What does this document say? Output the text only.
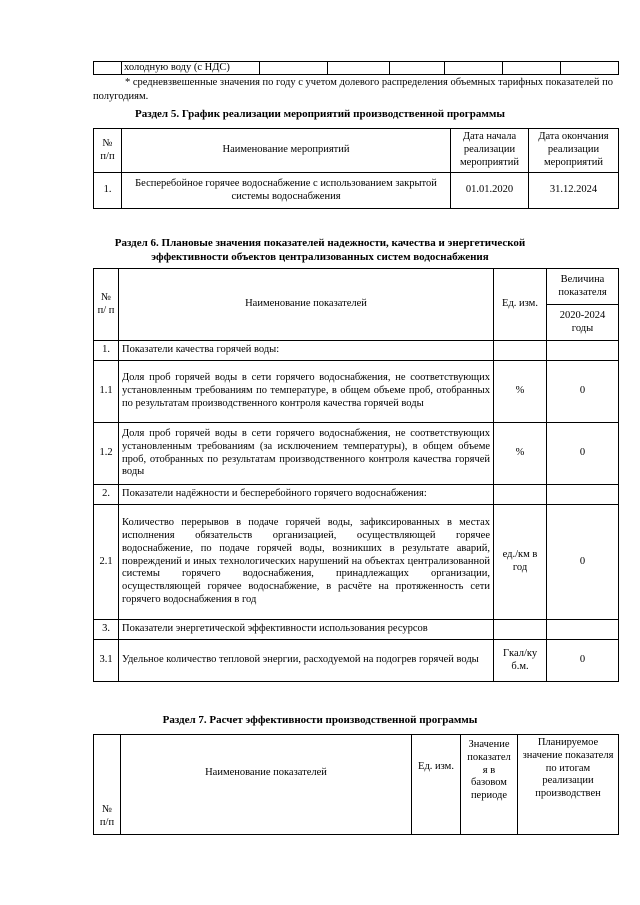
	холодную воду (с НДС)						
* средневзвешенные значения по году с учетом долевого распределения объемных тарифных показателей по полугодиям.
Раздел 5. График реализации мероприятий производственной программы
№ п/п	Наименование мероприятий	Дата начала реализации мероприятий	Дата окончания реализации мероприятий
1.	Бесперебойное горячее водоснабжение с использованием закрытой системы водоснабжения	01.01.2020	31.12.2024
Раздел 6. Плановые значения показателей надежности, качества и энергетической
эффективности объектов централизованных систем водоснабжения
№ п/ п	Наименование показателей	Ед. изм.	Величина показателя
			2020-2024 годы
1.	Показатели качества горячей воды:		
1.1	Доля проб горячей воды в сети горячего водоснабжения, не соответствующих установленным требованиям по температуре, в общем объеме проб, отобранных по результатам производственного контроля качества горячей воды	%	0
1.2	Доля проб горячей воды в сети горячего водоснабжения, не соответствующих установленным требованиям (за исключением температуры), в общем объеме проб, отобранных по результатам производственного контроля качества горячей воды	%	0
2.	Показатели надёжности и бесперебойного горячего водоснабжения:		
2.1	Количество перерывов в подаче горячей воды, зафиксированных в местах исполнения обязательств организацией, осуществляющей горячее водоснабжение, по подаче горячей воды, возникших в результате аварий, повреждений и иных технологических нарушений на объектах централизованной системы горячего водоснабжения, принадлежащих организации, осуществляющей горячее водоснабжение, в расчёте на протяженность сети горячего водоснабжения в год	ед./км в год	0
3.	Показатели энергетической эффективности использования ресурсов		
3.1	Удельное количество тепловой энергии, расходуемой на подогрев горячей воды	Гкал/ку б.м.	0
Раздел 7. Расчет эффективности производственной программы
№ п/п	Наименование показателей	Ед. изм.	Значение показател я в базовом периоде	Планируемое значение показателя по итогам реализации производствен
